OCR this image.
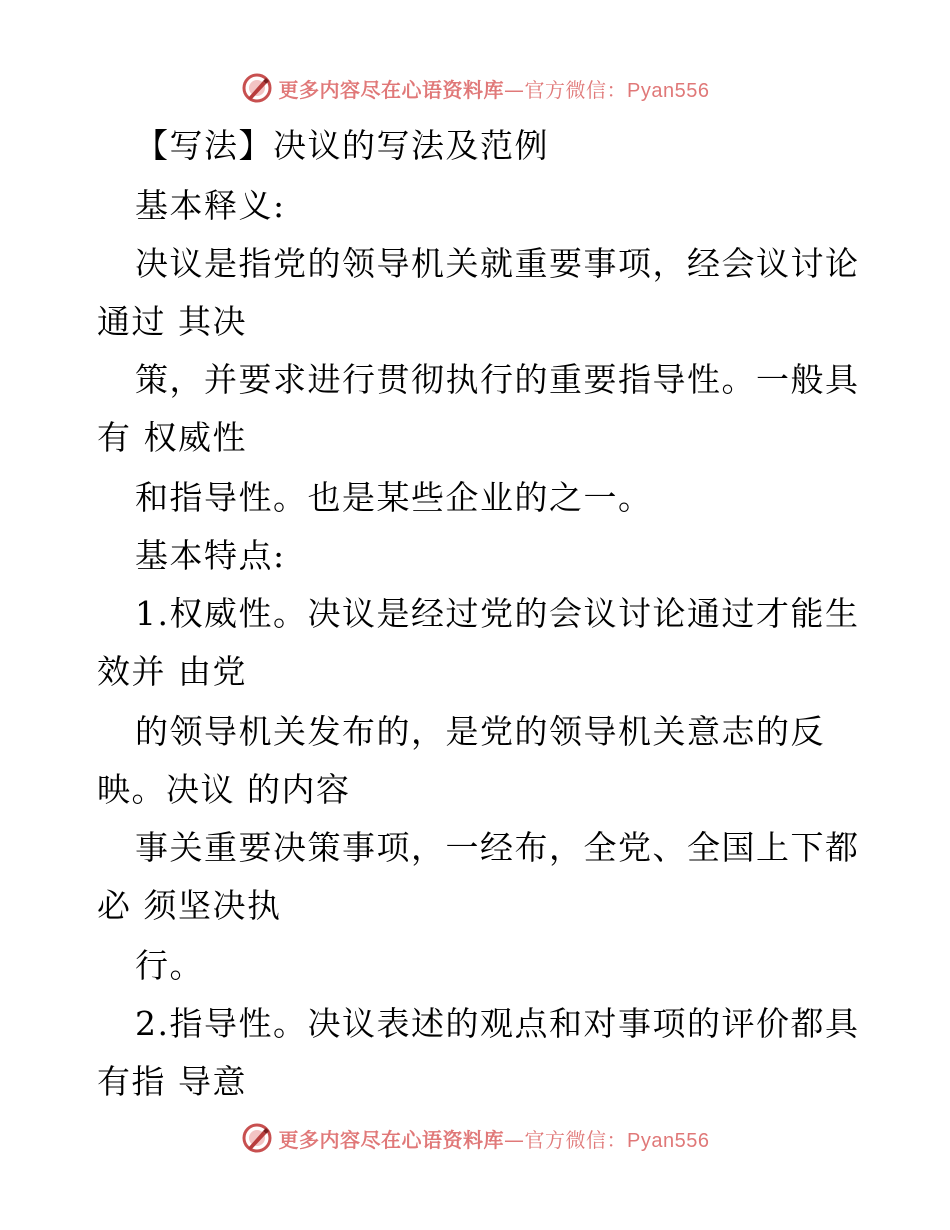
更多内容尽在心语资料库—官方微信：Pyan556
【写法】决议的写法及范例
基本释义:
决议是指党的领导机关就重要事项，经会议讨论
通过 其决
策，并要求进行贯彻执行的重要指导性。一般具
有 权威性
和指导性。也是某些企业的之一。
基本特点:
1.权威性。决议是经过党的会议讨论通过才能生
效并 由党
的领导机关发布的，是党的领导机关意志的反
映。决议 的内容
事关重要决策事项，一经布，全党、全国上下都
必 须坚决执
行。
2.指导性。决议表述的观点和对事项的评价都具
有指 导意
更多内容尽在心语资料库—官方微信：Pyan556
